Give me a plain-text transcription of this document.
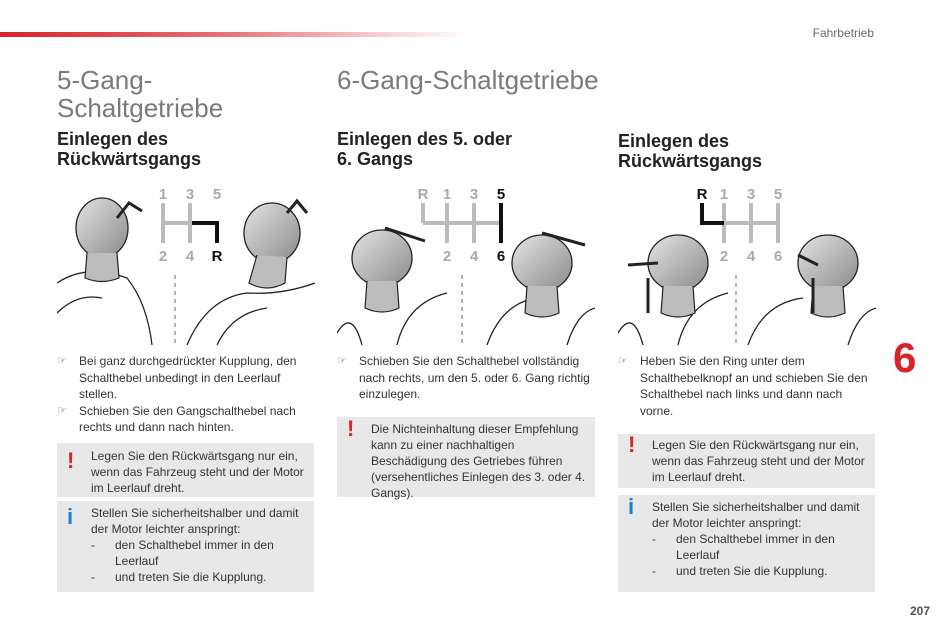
Fahrbetrieb
5-Gang-
Schaltgetriebe
6-Gang-Schaltgetriebe
Einlegen des
Rückwärtsgangs
Einlegen des 5. oder
6. Gangs
Einlegen des
Rückwärtsgangs
1 3 5
2 4 R
R 1 3 5
2 4 6
R 1 3 5
2 4 6
☞ Bei ganz durchgedrückter Kupplung, den Schalthebel unbedingt in den Leerlauf stellen.
☞ Schieben Sie den Gangschalthebel nach rechts und dann nach hinten.
! Legen Sie den Rückwärtsgang nur ein, wenn das Fahrzeug steht und der Motor im Leerlauf dreht.
i Stellen Sie sicherheitshalber und damit der Motor leichter anspringt:
- den Schalthebel immer in den Leerlauf
- und treten Sie die Kupplung.
☞ Schieben Sie den Schalthebel vollständig nach rechts, um den 5. oder 6. Gang richtig einzulegen.
! Die Nichteinhaltung dieser Empfehlung kann zu einer nachhaltigen Beschädigung des Getriebes führen (versehentliches Einlegen des 3. oder 4. Gangs).
☞ Heben Sie den Ring unter dem Schalthebelknopf an und schieben Sie den Schalthebel nach links und dann nach vorne.
! Legen Sie den Rückwärtsgang nur ein, wenn das Fahrzeug steht und der Motor im Leerlauf dreht.
i Stellen Sie sicherheitshalber und damit der Motor leichter anspringt:
- den Schalthebel immer in den Leerlauf
- und treten Sie die Kupplung.
6
207
